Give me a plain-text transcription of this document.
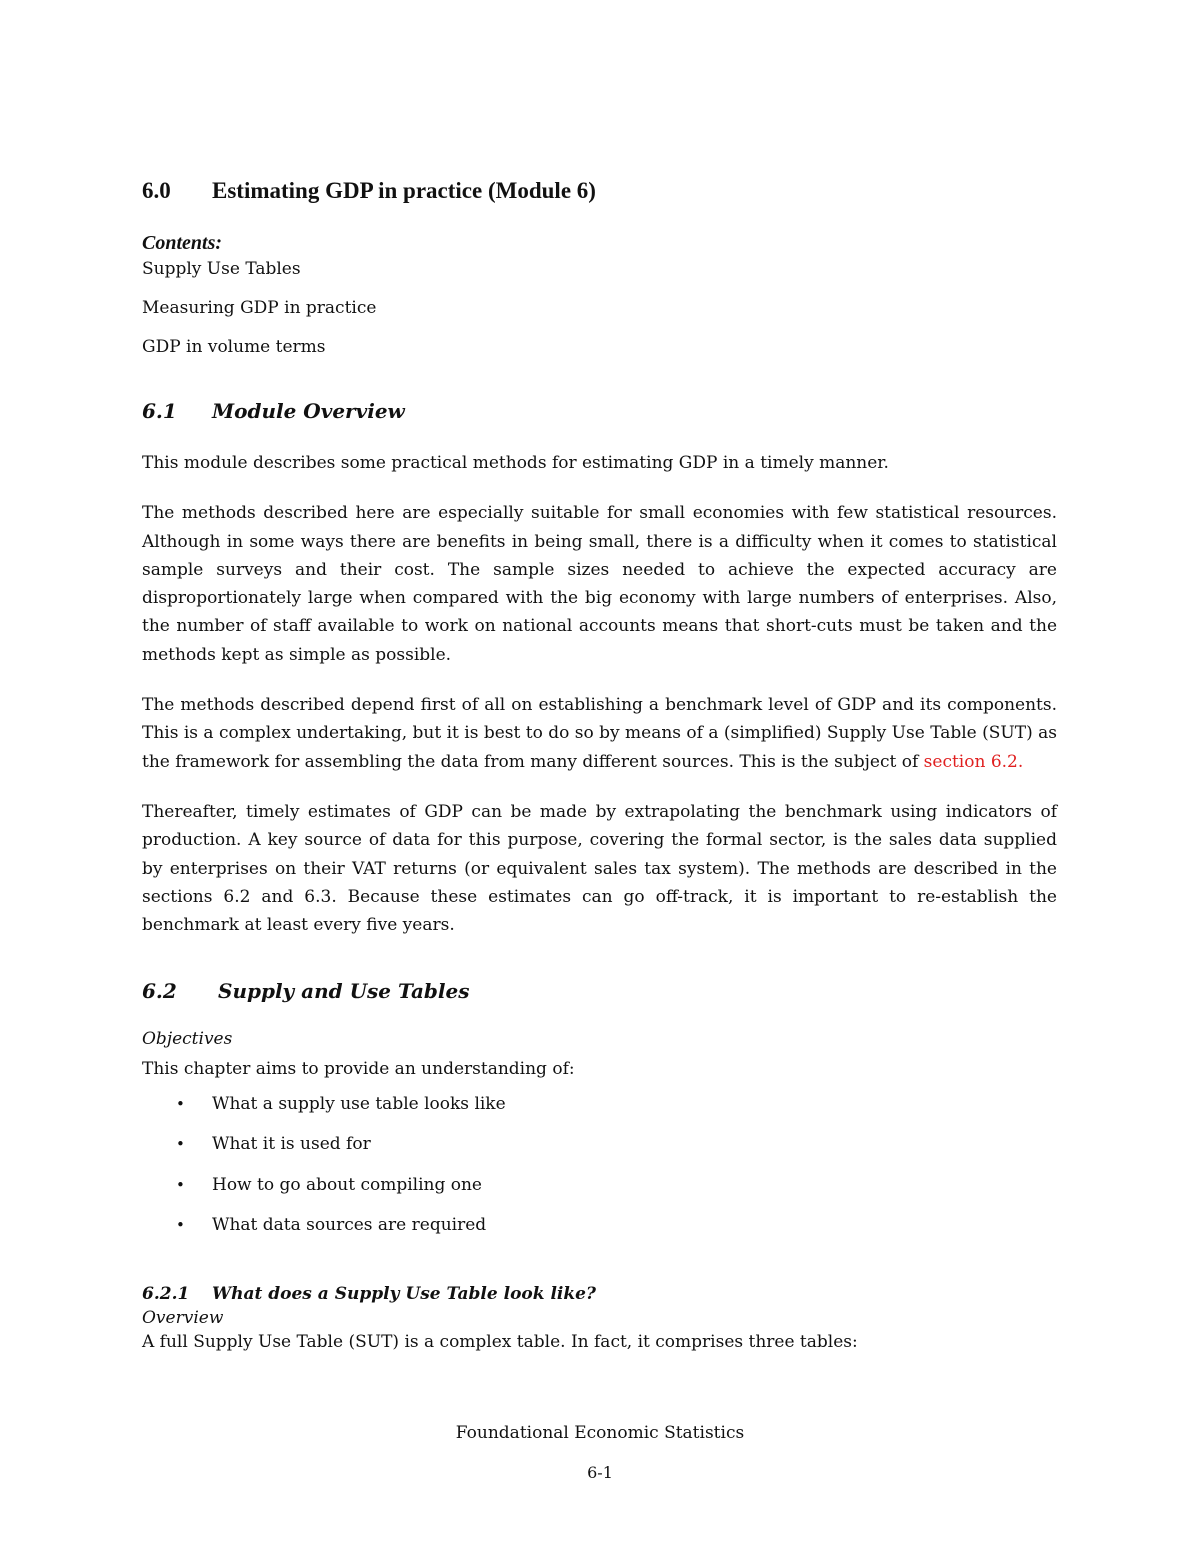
6.0	Estimating GDP in practice (Module 6)
Contents:

Supply Use Tables

Measuring GDP in practice

GDP in volume terms

6.1	Module Overview

This module describes some practical methods for estimating GDP in a timely manner.

The methods described here are especially suitable for small economies with few statistical resources. Although in some ways there are benefits in being small, there is a difficulty when it comes to statistical sample surveys and their cost. The sample sizes needed to achieve the expected accuracy are disproportionately large when compared with the big economy with large numbers of enterprises. Also, the number of staff available to work on national accounts means that short-cuts must be taken and the methods kept as simple as possible.

The methods described depend first of all on establishing a benchmark level of GDP and its components. This is a complex undertaking, but it is best to do so by means of a (simplified) Supply Use Table (SUT) as the framework for assembling the data from many different sources. This is the subject of section 6.2.

Thereafter, timely estimates of GDP can be made by extrapolating the benchmark using indicators of production. A key source of data for this purpose, covering the formal sector, is the sales data supplied by enterprises on their VAT returns (or equivalent sales tax system). The methods are described in the sections 6.2 and 6.3. Because these estimates can go off-track, it is important to re-establish the benchmark at least every five years.

6.2	Supply and Use Tables

Objectives

This chapter aims to provide an understanding of:

•	What a supply use table looks like
•	What it is used for
•	How to go about compiling one
•	What data sources are required
6.2.1	What does a Supply Use Table look like?

Overview

A full Supply Use Table (SUT) is a complex table. In fact, it comprises three tables:

Foundational Economic Statistics
6-1
